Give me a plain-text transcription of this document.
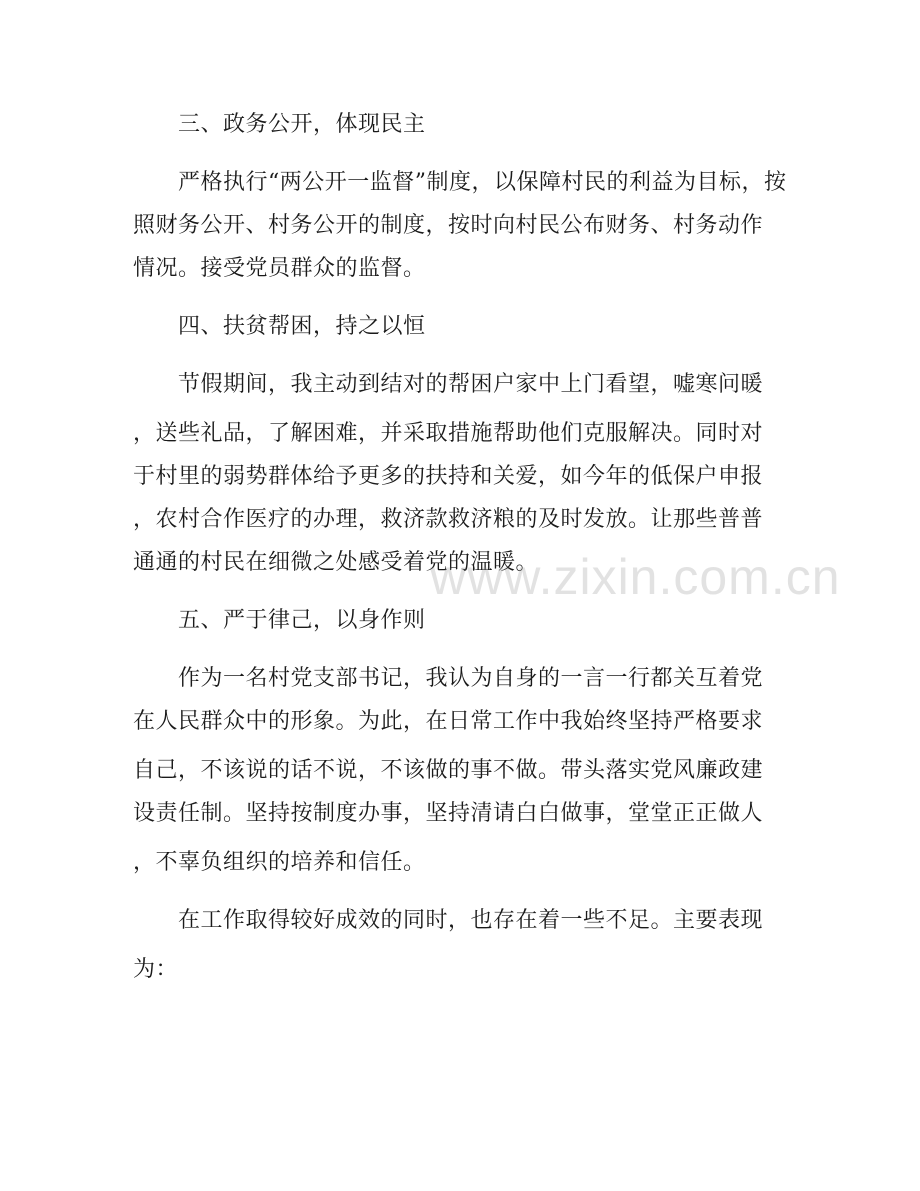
三、政务公开，体现民主
严格执行“两公开一监督”制度，以保障村民的利益为目标，按
照财务公开、村务公开的制度，按时向村民公布财务、村务动作
情况。接受党员群众的监督。
四、扶贫帮困，持之以恒
节假期间，我主动到结对的帮困户家中上门看望，嘘寒问暖
，送些礼品，了解困难，并采取措施帮助他们克服解决。同时对
于村里的弱势群体给予更多的扶持和关爱，如今年的低保户申报
，农村合作医疗的办理，救济款救济粮的及时发放。让那些普普
通通的村民在细微之处感受着党的温暖。
五、严于律己，以身作则
作为一名村党支部书记，我认为自身的一言一行都关互着党
在人民群众中的形象。为此，在日常工作中我始终坚持严格要求
自己，不该说的话不说，不该做的事不做。带头落实党风廉政建
设责任制。坚持按制度办事，坚持清请白白做事，堂堂正正做人
，不辜负组织的培养和信任。
在工作取得较好成效的同时，也存在着一些不足。主要表现
为：
www.zixin.com.cn
